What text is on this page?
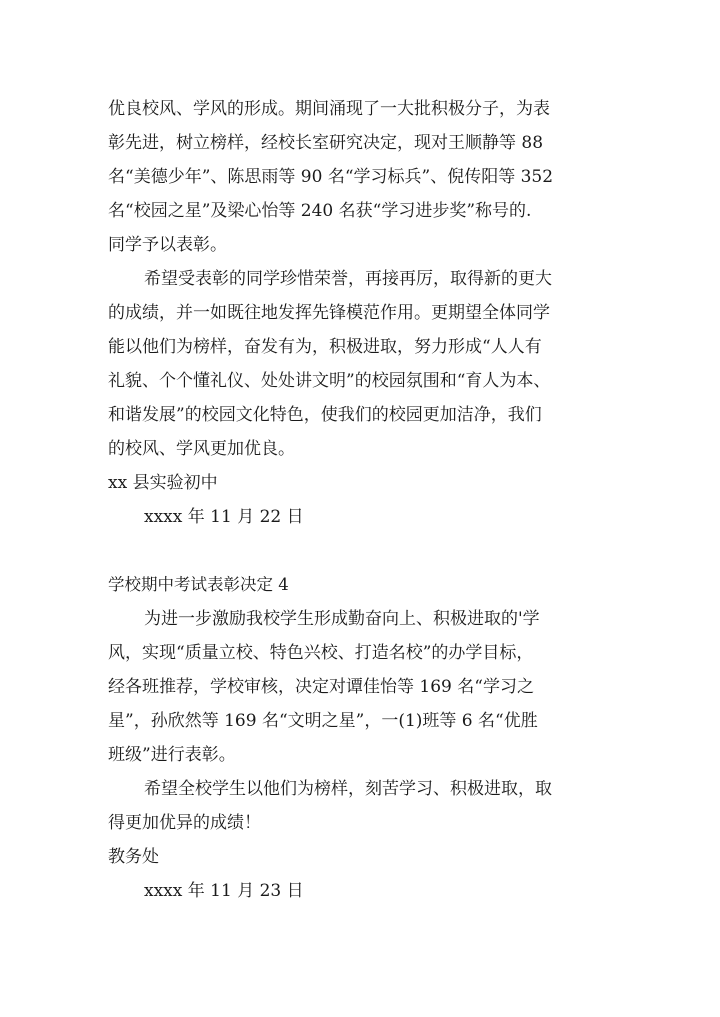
优良校风、学风的形成。期间涌现了一大批积极分子，为表
彰先进，树立榜样，经校长室研究决定，现对王顺静等 88
名“美德少年”、陈思雨等 90 名“学习标兵”、倪传阳等 352
名“校园之星”及梁心怡等 240 名获“学习进步奖”称号的.
同学予以表彰。
希望受表彰的同学珍惜荣誉，再接再厉，取得新的更大
的成绩，并一如既往地发挥先锋模范作用。更期望全体同学
能以他们为榜样，奋发有为，积极进取，努力形成“人人有
礼貌、个个懂礼仪、处处讲文明”的校园氛围和“育人为本、
和谐发展”的校园文化特色，使我们的校园更加洁净，我们
的校风、学风更加优良。
xx 县实验初中
xxxx 年 11 月 22 日
学校期中考试表彰决定 4
为进一步激励我校学生形成勤奋向上、积极进取的'学
风，实现“质量立校、特色兴校、打造名校”的办学目标，
经各班推荐，学校审核，决定对谭佳怡等 169 名“学习之
星”，孙欣然等 169 名“文明之星”，一(1)班等 6 名“优胜
班级”进行表彰。
希望全校学生以他们为榜样，刻苦学习、积极进取，取
得更加优异的成绩！
教务处
xxxx 年 11 月 23 日
